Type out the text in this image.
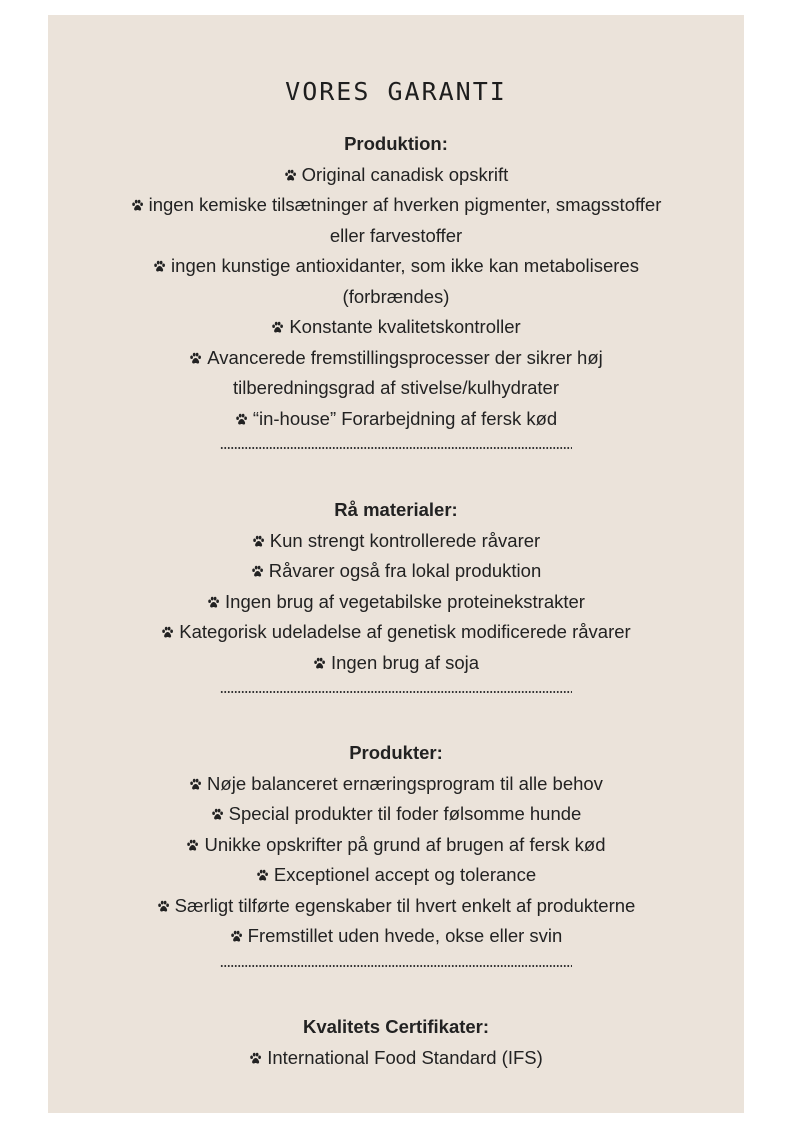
VORES GARANTI
Produktion:
Original canadisk opskrift
ingen kemiske tilsætninger af hverken pigmenter, smagsstoffer eller farvestoffer
ingen kunstige antioxidanter, som ikke kan metaboliseres (forbrændes)
Konstante kvalitetskontroller
Avancerede fremstillingsprocesser der sikrer høj tilberedningsgrad af stivelse/kulhydrater
“in-house” Forarbejdning af fersk kød
Rå materialer:
Kun strengt kontrollerede råvarer
Råvarer også fra lokal produktion
Ingen brug af vegetabilske proteinekstrakter
Kategorisk udeladelse af genetisk modificerede råvarer
Ingen brug af soja
Produkter:
Nøje balanceret ernæringsprogram til alle behov
Special produkter til foder følsomme hunde
Unikke opskrifter på grund af brugen af fersk kød
Exceptionel accept og tolerance
Særligt tilførte egenskaber til hvert enkelt af produkterne
Fremstillet uden hvede, okse eller svin
Kvalitets Certifikater:
International Food Standard (IFS)
